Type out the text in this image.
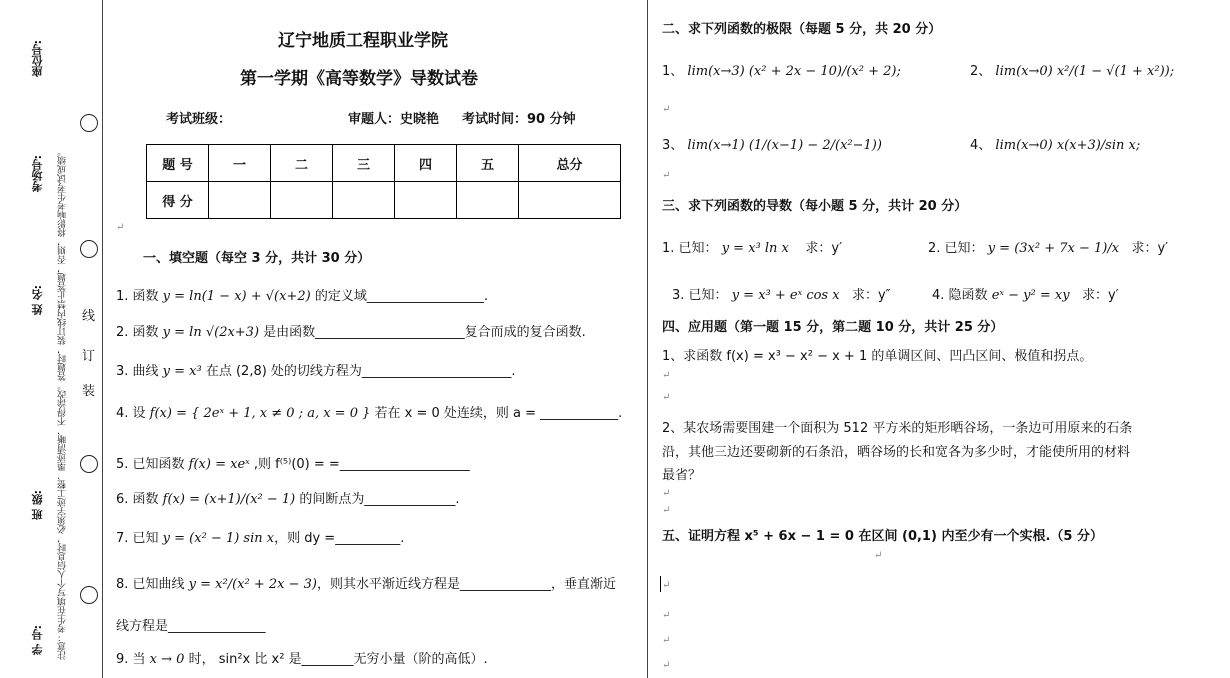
座位号:
考场号:
姓 名:
班 级:
学 号: 注意：考生在填写个人信息时，必须字迹工整、墨迹清晰、不得涂改。答题时，装订线内禁止答题，否则，将影响考生考试成绩。 装
订
线
辽宁地质工程职业学院
第一学期《高等数学》导数试卷
考试班级：	审题人：史晓艳 考试时间：90 分钟
题 号	一	二	三	四	五	总分
得 分						
一、填空题（每空 3 分，共计 30 分）
1. 函数 y = ln(1 − x) + √(x+2) 的定义域__________________.
2. 函数 y = ln √(2x+3) 是由函数_______________________复合而成的复合函数.
3. 曲线 y = x³ 在点 (2,8) 处的切线方程为_______________________.
4. 设 f(x) = { 2eˣ + 1, x ≠ 0 ; a, x = 0 } 若在 x = 0 处连续，则 a = ____________.
5. 已知函数 f(x) = xeˣ ,则 f⁽⁵⁾(0) = =____________________
6. 函数 f(x) = (x+1)/(x² − 1) 的间断点为______________.
7. 已知 y = (x² − 1) sin x，则 dy =__________.
8. 已知曲线 y = x²/(x² + 2x − 3)，则其水平渐近线方程是______________，垂直渐近
线方程是_______________
9. 当 x → 0 时， sin²x 比 x² 是________无穷小量（阶的高低）.
二、求下列函数的极限（每题 5 分，共 20 分）
1、 lim(x→3) (x² + 2x − 10)/(x² + 2);	2、 lim(x→0) x²/(1 − √(1 + x²));
3、 lim(x→1) (1/(x−1) − 2/(x²−1))	4、 lim(x→0) x(x+3)/sin x;
三、求下列函数的导数（每小题 5 分，共计 20 分）
1. 已知： y = x³ ln x 求：y′	2. 已知： y = (3x² + 7x − 1)/x 求：y′
3. 已知： y = x³ + eˣ cos x 求：y″	4. 隐函数 eˣ − y² = xy 求：y′
四、应用题（第一题 15 分，第二题 10 分，共计 25 分）
1、求函数 f(x) = x³ − x² − x + 1 的单调区间、凹凸区间、极值和拐点。
2、某农场需要围建一个面积为 512 平方米的矩形晒谷场，一条边可用原来的石条
沿，其他三边还要砌新的石条沿，晒谷场的长和宽各为多少时，才能使所用的材料
最省？
五、证明方程 x⁵ + 6x − 1 = 0 在区间 (0,1) 内至少有一个实根.（5 分）
↵
↵
↵
↵
↵
↵
↵
↵
↵
↵
↵
↵
